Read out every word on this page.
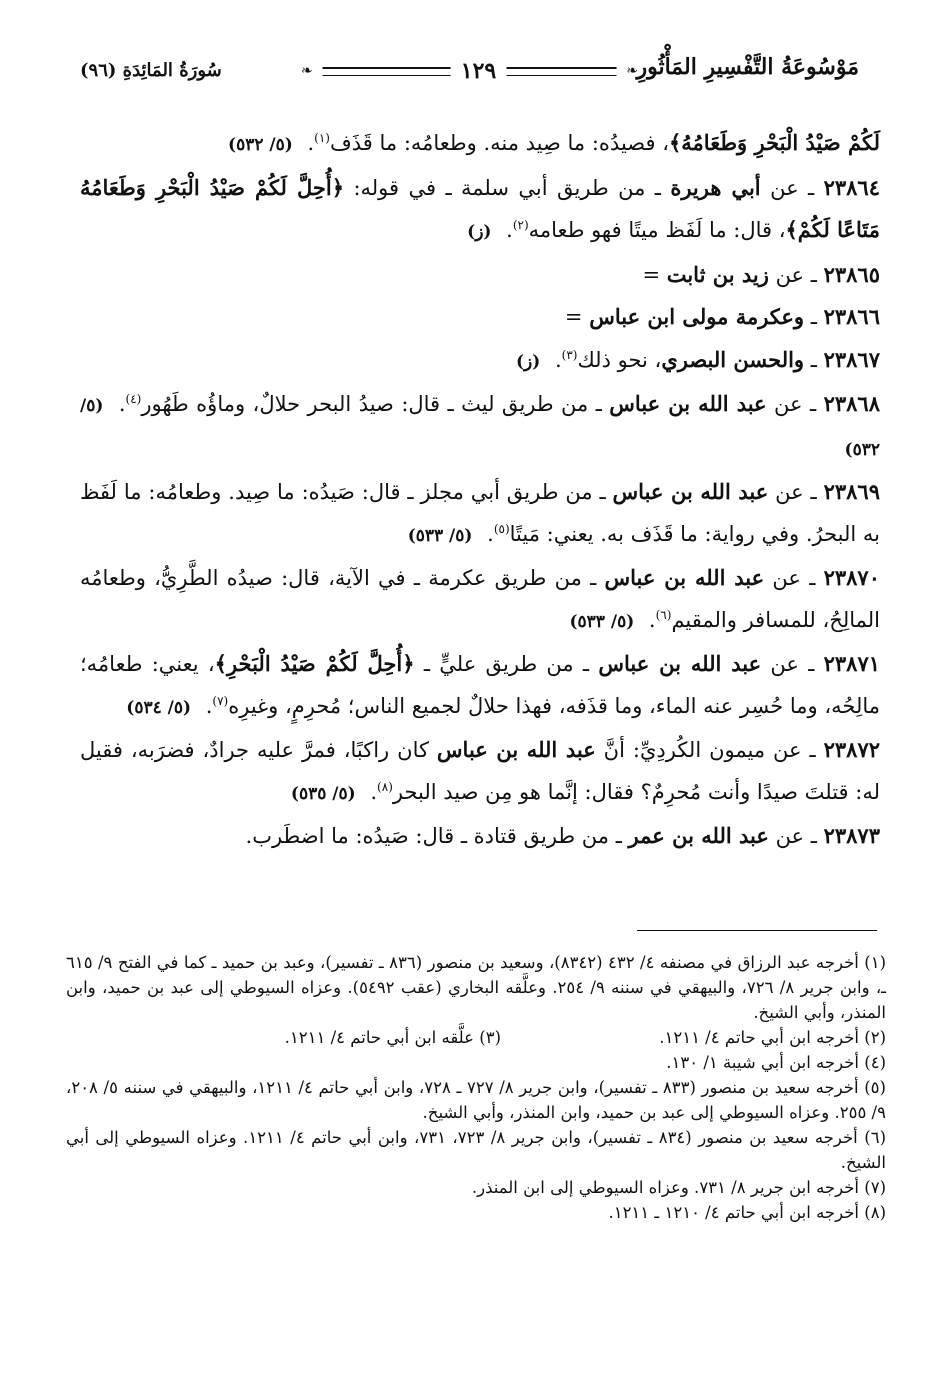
مَوْسُوعَةُ التَّفْسِيرِ المَأْثُورِ
❧
١٢٩
❧
سُورَةُ المَائِدَةِ (٩٦)

لَكُمْ صَيْدُ الْبَحْرِ وَطَعَامُهُ﴾، فصيدُه: ما صِيد منه. وطعامُه: ما قَذَف$^{(١)}$. (٥/ ٥٣٢)

٢٣٨٦٤ ـ عن أبي هريرة ـ من طريق أبي سلمة ـ في قوله: ﴿أُحِلَّ لَكُمْ صَيْدُ الْبَحْرِ وَطَعَامُهُ مَتَاعًا لَكُمْ﴾، قال: ما لَفَظ ميتًا فهو طعامه$^{(٢)}$. (ز)

٢٣٨٦٥ ـ عن زيد بن ثابت =

٢٣٨٦٦ ـ وعكرمة مولى ابن عباس =

٢٣٨٦٧ ـ والحسن البصري، نحو ذلك$^{(٣)}$. (ز)

٢٣٨٦٨ ـ عن عبد الله بن عباس ـ من طريق ليث ـ قال: صيدُ البحر حلالٌ، وماؤُه طَهُور$^{(٤)}$. (٥/ ٥٣٢)

٢٣٨٦٩ ـ عن عبد الله بن عباس ـ من طريق أبي مجلز ـ قال: صَيدُه: ما صِيد. وطعامُه: ما لَفَظ به البحرُ. وفي رواية: ما قَذَف به. يعني: مَيتًا$^{(٥)}$. (٥/ ٥٣٣)

٢٣٨٧٠ ـ عن عبد الله بن عباس ـ من طريق عكرمة ـ في الآية، قال: صيدُه الطَّرِيُّ، وطعامُه المالِحُ، للمسافر والمقيم$^{(٦)}$. (٥/ ٥٣٣)

٢٣٨٧١ ـ عن عبد الله بن عباس ـ من طريق عليٍّ ـ ﴿أُحِلَّ لَكُمْ صَيْدُ الْبَحْرِ﴾، يعني: طعامُه؛ مالِحُه، وما حُسِر عنه الماء، وما قذَفه، فهذا حلالٌ لجميع الناس؛ مُحرِمٍ، وغيرِه$^{(٧)}$. (٥/ ٥٣٤)

٢٣٨٧٢ ـ عن ميمون الكُردِيِّ: أنَّ عبد الله بن عباس كان راكبًا، فمرَّ عليه جرادٌ، فضرَبه، فقيل له: قتلتَ صيدًا وأنت مُحرِمٌ؟ فقال: إنَّما هو مِن صيد البحر$^{(٨)}$. (٥/ ٥٣٥)

٢٣٨٧٣ ـ عن عبد الله بن عمر ـ من طريق قتادة ـ قال: صَيدُه: ما اضطَرب.

(١) أخرجه عبد الرزاق في مصنفه ٤/ ٤٣٢ (٨٣٤٢)، وسعيد بن منصور (٨٣٦ ـ تفسير)، وعبد بن حميد ـ كما في الفتح ٩/ ٦١٥ ـ، وابن جرير ٨/ ٧٢٦، والبيهقي في سننه ٩/ ٢٥٤. وعلَّقه البخاري (عقب ٥٤٩٢). وعزاه السيوطي إلى عبد بن حميد، وابن المنذر، وأبي الشيخ.

(٢) أخرجه ابن أبي حاتم ٤/ ١٢١١.
(٣) علَّقه ابن أبي حاتم ٤/ ١٢١١.

(٤) أخرجه ابن أبي شيبة ١/ ١٣٠.

(٥) أخرجه سعيد بن منصور (٨٣٣ ـ تفسير)، وابن جرير ٨/ ٧٢٧ ـ ٧٢٨، وابن أبي حاتم ٤/ ١٢١١، والبيهقي في سننه ٥/ ٢٠٨، ٩/ ٢٥٥. وعزاه السيوطي إلى عبد بن حميد، وابن المنذر، وأبي الشيخ.

(٦) أخرجه سعيد بن منصور (٨٣٤ ـ تفسير)، وابن جرير ٨/ ٧٢٣، ٧٣١، وابن أبي حاتم ٤/ ١٢١١. وعزاه السيوطي إلى أبي الشيخ.

(٧) أخرجه ابن جرير ٨/ ٧٣١. وعزاه السيوطي إلى ابن المنذر.

(٨) أخرجه ابن أبي حاتم ٤/ ١٢١٠ ـ ١٢١١.
